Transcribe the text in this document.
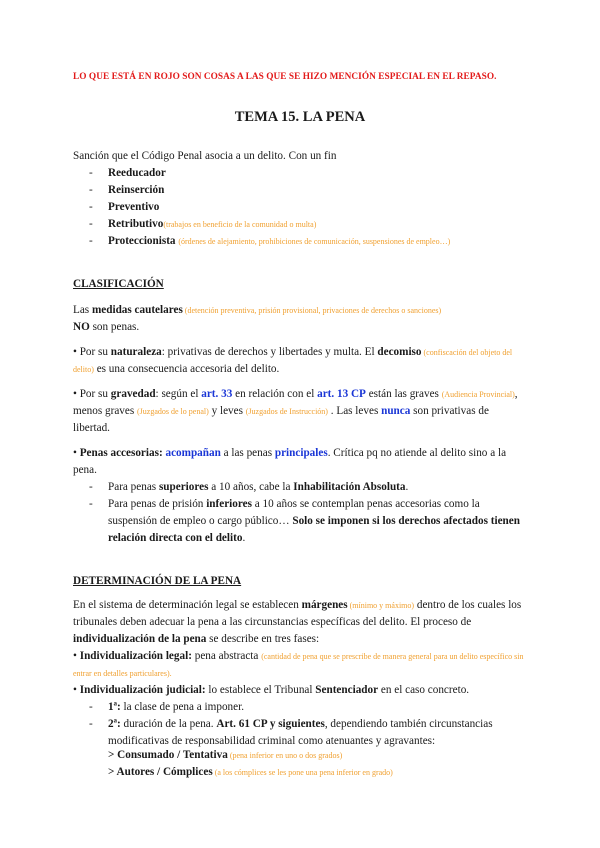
LO QUE ESTÁ EN ROJO SON COSAS A LAS QUE SE HIZO MENCIÓN ESPECIAL EN EL REPASO.
TEMA 15. LA PENA
Sanción que el Código Penal asocia a un delito. Con un fin
- Reeducador
- Reinserción
- Preventivo
- Retributivo(trabajos en beneficio de la comunidad o multa)
- Proteccionista (órdenes de alejamiento, prohibiciones de comunicación, suspensiones de empleo…)
CLASIFICACIÓN
Las medidas cautelares (detención preventiva, prisión provisional, privaciones de derechos o sanciones)
NO son penas.
• Por su naturaleza: privativas de derechos y libertades y multa. El decomiso (confiscación del objeto del delito) es una consecuencia accesoria del delito.
• Por su gravedad: según el art. 33 en relación con el art. 13 CP están las graves (Audiencia Provincial), menos graves (Juzgados de lo penal) y leves (Juzgados de Instrucción) . Las leves nunca son privativas de libertad.
• Penas accesorias: acompañan a las penas principales. Crítica pq no atiende al delito sino a la pena.
- Para penas superiores a 10 años, cabe la Inhabilitación Absoluta.
- Para penas de prisión inferiores a 10 años se contemplan penas accesorias como la suspensión de empleo o cargo público… Solo se imponen si los derechos afectados tienen relación directa con el delito.
DETERMINACIÓN DE LA PENA
En el sistema de determinación legal se establecen márgenes (mínimo y máximo) dentro de los cuales los tribunales deben adecuar la pena a las circunstancias específicas del delito. El proceso de individualización de la pena se describe en tres fases:
• Individualización legal: pena abstracta (cantidad de pena que se prescribe de manera general para un delito específico sin entrar en detalles particulares).
• Individualización judicial: lo establece el Tribunal Sentenciador en el caso concreto.
- 1ª: la clase de pena a imponer.
- 2ª: duración de la pena. Art. 61 CP y siguientes, dependiendo también circunstancias modificativas de responsabilidad criminal como atenuantes y agravantes:
> Consumado / Tentativa (pena inferior en uno o dos grados)
> Autores / Cómplices (a los cómplices se les pone una pena inferior en grado)
